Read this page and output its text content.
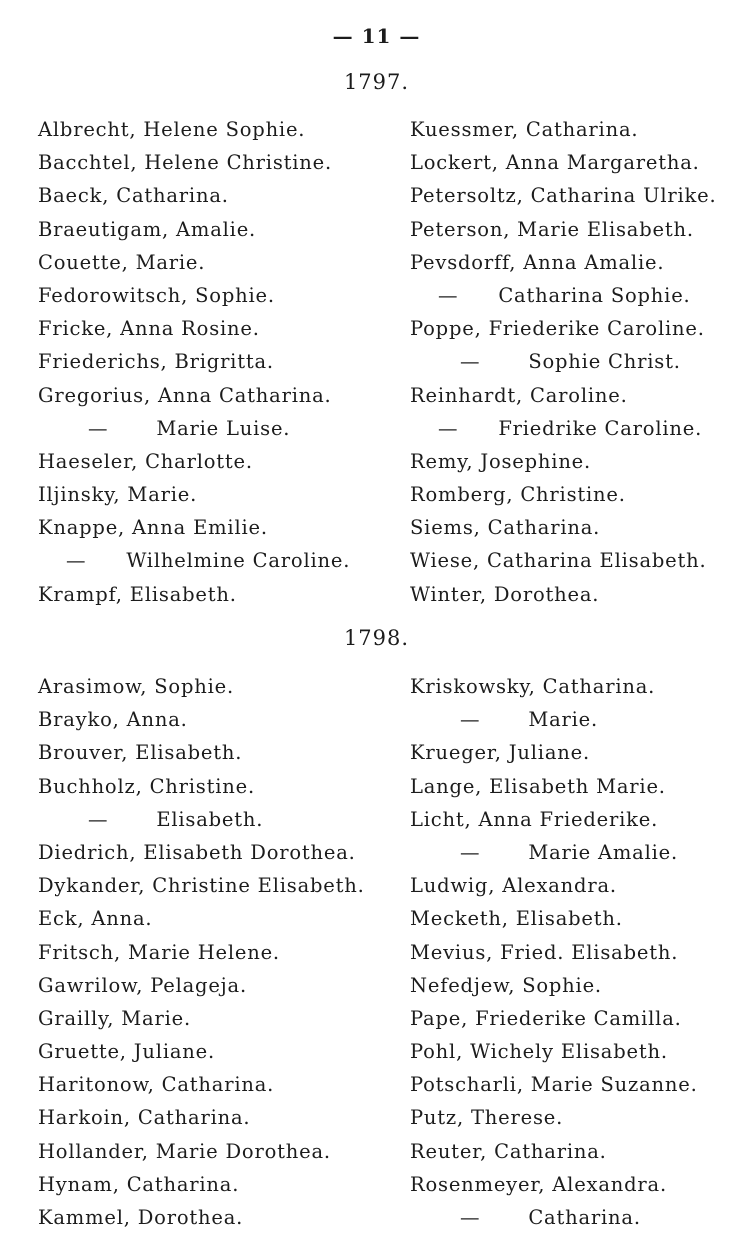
— 11 —
1797.
Albrecht, Helene Sophie.
Bacchtel, Helene Christine.
Baeck, Catharina.
Braeutigam, Amalie.
Couette, Marie.
Fedorowitsch, Sophie.
Fricke, Anna Rosine.
Friederichs, Brigritta.
Gregorius, Anna Catharina.
— Marie Luise.
Haeseler, Charlotte.
Iljinsky, Marie.
Knappe, Anna Emilie.
— Wilhelmine Caroline.
Krampf, Elisabeth.
Kuessmer, Catharina.
Lockert, Anna Margaretha.
Petersoltz, Catharina Ulrike.
Peterson, Marie Elisabeth.
Pevsdorff, Anna Amalie.
— Catharina Sophie.
Poppe, Friederike Caroline.
— Sophie Christ.
Reinhardt, Caroline.
— Friedrike Caroline.
Remy, Josephine.
Romberg, Christine.
Siems, Catharina.
Wiese, Catharina Elisabeth.
Winter, Dorothea.
1798.
Arasimow, Sophie.
Brayko, Anna.
Brouver, Elisabeth.
Buchholz, Christine.
— Elisabeth.
Diedrich, Elisabeth Dorothea.
Dykander, Christine Elisabeth.
Eck, Anna.
Fritsch, Marie Helene.
Gawrilow, Pelageja.
Grailly, Marie.
Gruette, Juliane.
Haritonow, Catharina.
Harkoin, Catharina.
Hollander, Marie Dorothea.
Hynam, Catharina.
Kammel, Dorothea.
Kriskowsky, Catharina.
— Marie.
Krueger, Juliane.
Lange, Elisabeth Marie.
Licht, Anna Friederike.
— Marie Amalie.
Ludwig, Alexandra.
Mecketh, Elisabeth.
Mevius, Fried. Elisabeth.
Nefedjew, Sophie.
Pape, Friederike Camilla.
Pohl, Wichely Elisabeth.
Potscharli, Marie Suzanne.
Putz, Therese.
Reuter, Catharina.
Rosenmeyer, Alexandra.
— Catharina.
